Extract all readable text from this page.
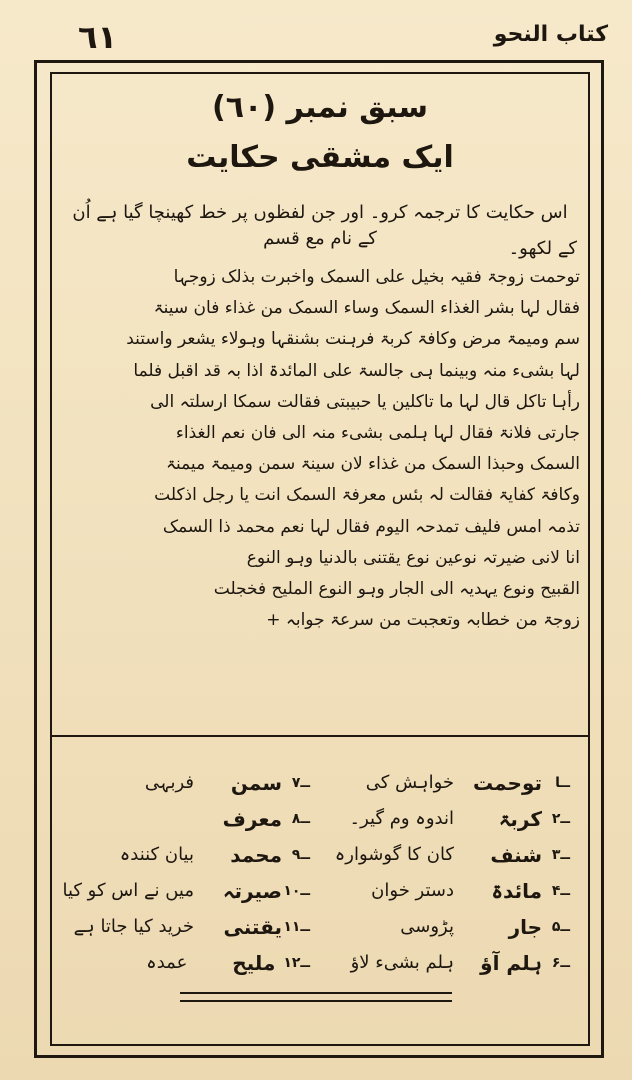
٦١	کتاب النحو
سبق نمبر (٦٠)
ایک مشقی حکایت
اس حکایت کا ترجمہ کرو۔ اور جن لفظوں پر خط کھینچا گیا ہے اُن کے نام مع قسم	کے لکھو۔
توحمت زوجۃ فقیہ بخیل علی السمک واخبرت بذلک زوجہا
فقال لہا بشر الغذاء السمک وساء السمک من غذاء فان سینۃ
سم ومیمۃ مرض وکافۃ کربۃ فرہنت بشنقہا وہولاء یشعر واستند
لہا بشیء منہ وبینما ہی جالسۃ علی المائدۃ اذا بہ قد اقبل فلما
رأہا تاکل قال لہا ما تاکلین یا حبیبتی فقالت سمکا ارسلتہ الی
جارتی فلانۃ فقال لہا ہلمی بشیء منہ الی فان نعم الغذاء
السمک وحبذا السمک من غذاء لان سینۃ سمن ومیمۃ میمنۃ
وکافۃ کفایۃ فقالت لہ بئس معرفۃ السمک انت یا رجل اذکلت
تذمہ امس فلیف تمدحہ الیوم فقال لہا نعم محمد ذا السمک
انا لانی ضیرتہ نوعین نوع یقتنی بالدنیا وہو النوع
القبیح ونوع یہدیہ الی الجار وہو النوع الملیح فخجلت
زوجۃ من خطابہ وتعجبت من سرعۃ جوابہ +
ــا
توحمت
خواہش کی
ــ۲
کربۃ
اندوہ وم گیر۔
ــ۳
شنف
کان کا گوشوارہ
ــ۴
مائدۃ
دستر خوان
ــ۵
جار
پڑوسی
ــ۶
ہلم آؤ
ہلم بشیء لاؤ
ــ۷
سمن
فربہی
ــ۸
معرف
ــ۹
محمد
بیان کنندہ
ــ۱۰
صیرتہ
میں نے اس کو کیا
ــ۱۱
یقتنی
خرید کیا جاتا ہے
ــ۱۲
ملیح
عمدہ
